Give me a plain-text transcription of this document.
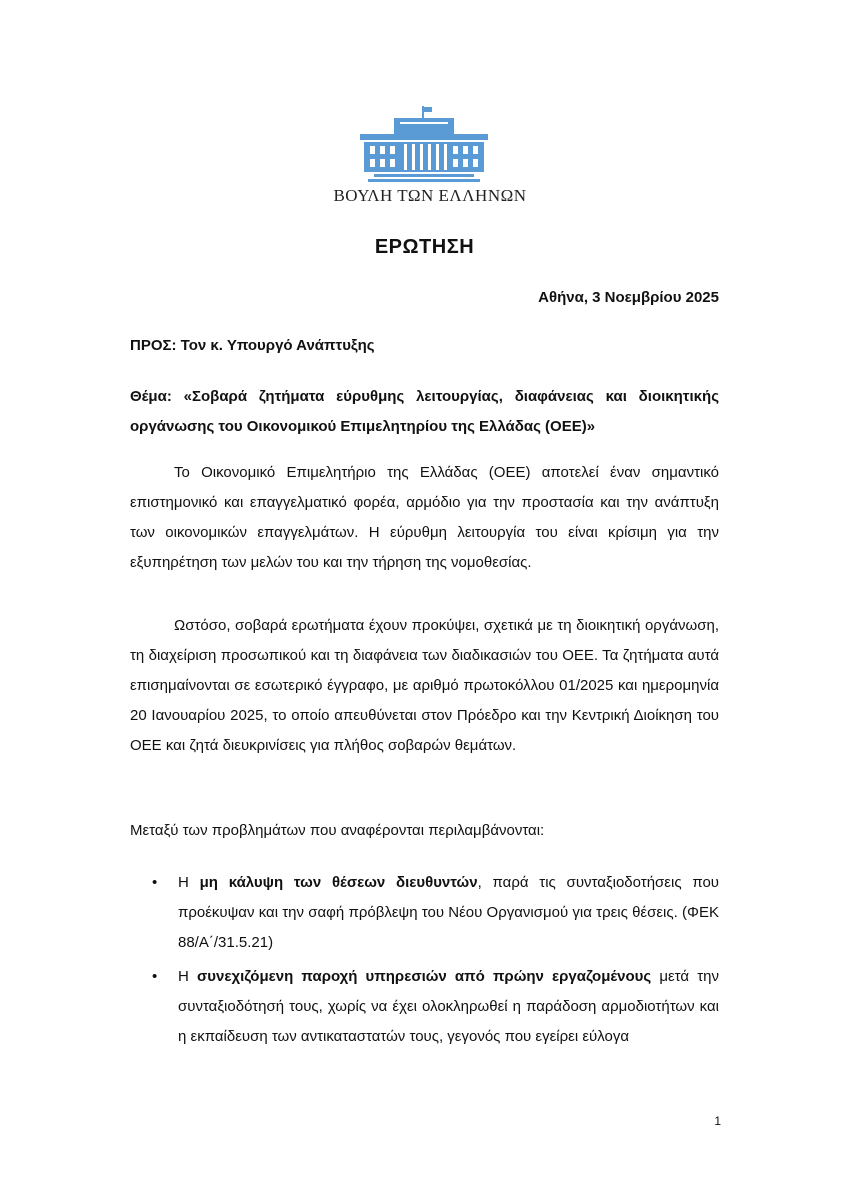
ΒΟΥΛΗ ΤΩΝ ΕΛΛΗΝΩΝ
ΕΡΩΤΗΣΗ
Αθήνα, 3 Νοεμβρίου 2025
ΠΡΟΣ: Τον κ. Υπουργό Ανάπτυξης
Θέμα: «Σοβαρά ζητήματα εύρυθμης λειτουργίας, διαφάνειας και διοικητικής οργάνωσης του Οικονομικού Επιμελητηρίου της Ελλάδας (ΟΕΕ)»

Το Οικονομικό Επιμελητήριο της Ελλάδας (ΟΕΕ) αποτελεί έναν σημαντικό επιστημονικό και επαγγελματικό φορέα, αρμόδιο για την προστασία και την ανάπτυξη των οικονομικών επαγγελμάτων. Η εύρυθμη λειτουργία του είναι κρίσιμη για την εξυπηρέτηση των μελών του και την τήρηση της νομοθεσίας.

Ωστόσο, σοβαρά ερωτήματα έχουν προκύψει, σχετικά με τη διοικητική οργάνωση, τη διαχείριση προσωπικού και τη διαφάνεια των διαδικασιών του ΟΕΕ. Τα ζητήματα αυτά επισημαίνονται σε εσωτερικό έγγραφο, με αριθμό πρωτοκόλλου 01/2025 και ημερομηνία 20 Ιανουαρίου 2025, το οποίο απευθύνεται στον Πρόεδρο και την Κεντρική Διοίκηση του ΟΕΕ και ζητά διευκρινίσεις για πλήθος σοβαρών θεμάτων.

Μεταξύ των προβλημάτων που αναφέρονται περιλαμβάνονται:

• Η μη κάλυψη των θέσεων διευθυντών, παρά τις συνταξιοδοτήσεις που προέκυψαν και την σαφή πρόβλεψη του Νέου Οργανισμού για τρεις θέσεις. (ΦΕΚ 88/Α΄/31.5.21)
• Η συνεχιζόμενη παροχή υπηρεσιών από πρώην εργαζομένους μετά την συνταξιοδότησή τους, χωρίς να έχει ολοκληρωθεί η παράδοση αρμοδιοτήτων και η εκπαίδευση των αντικαταστατών τους, γεγονός που εγείρει εύλογα
1
